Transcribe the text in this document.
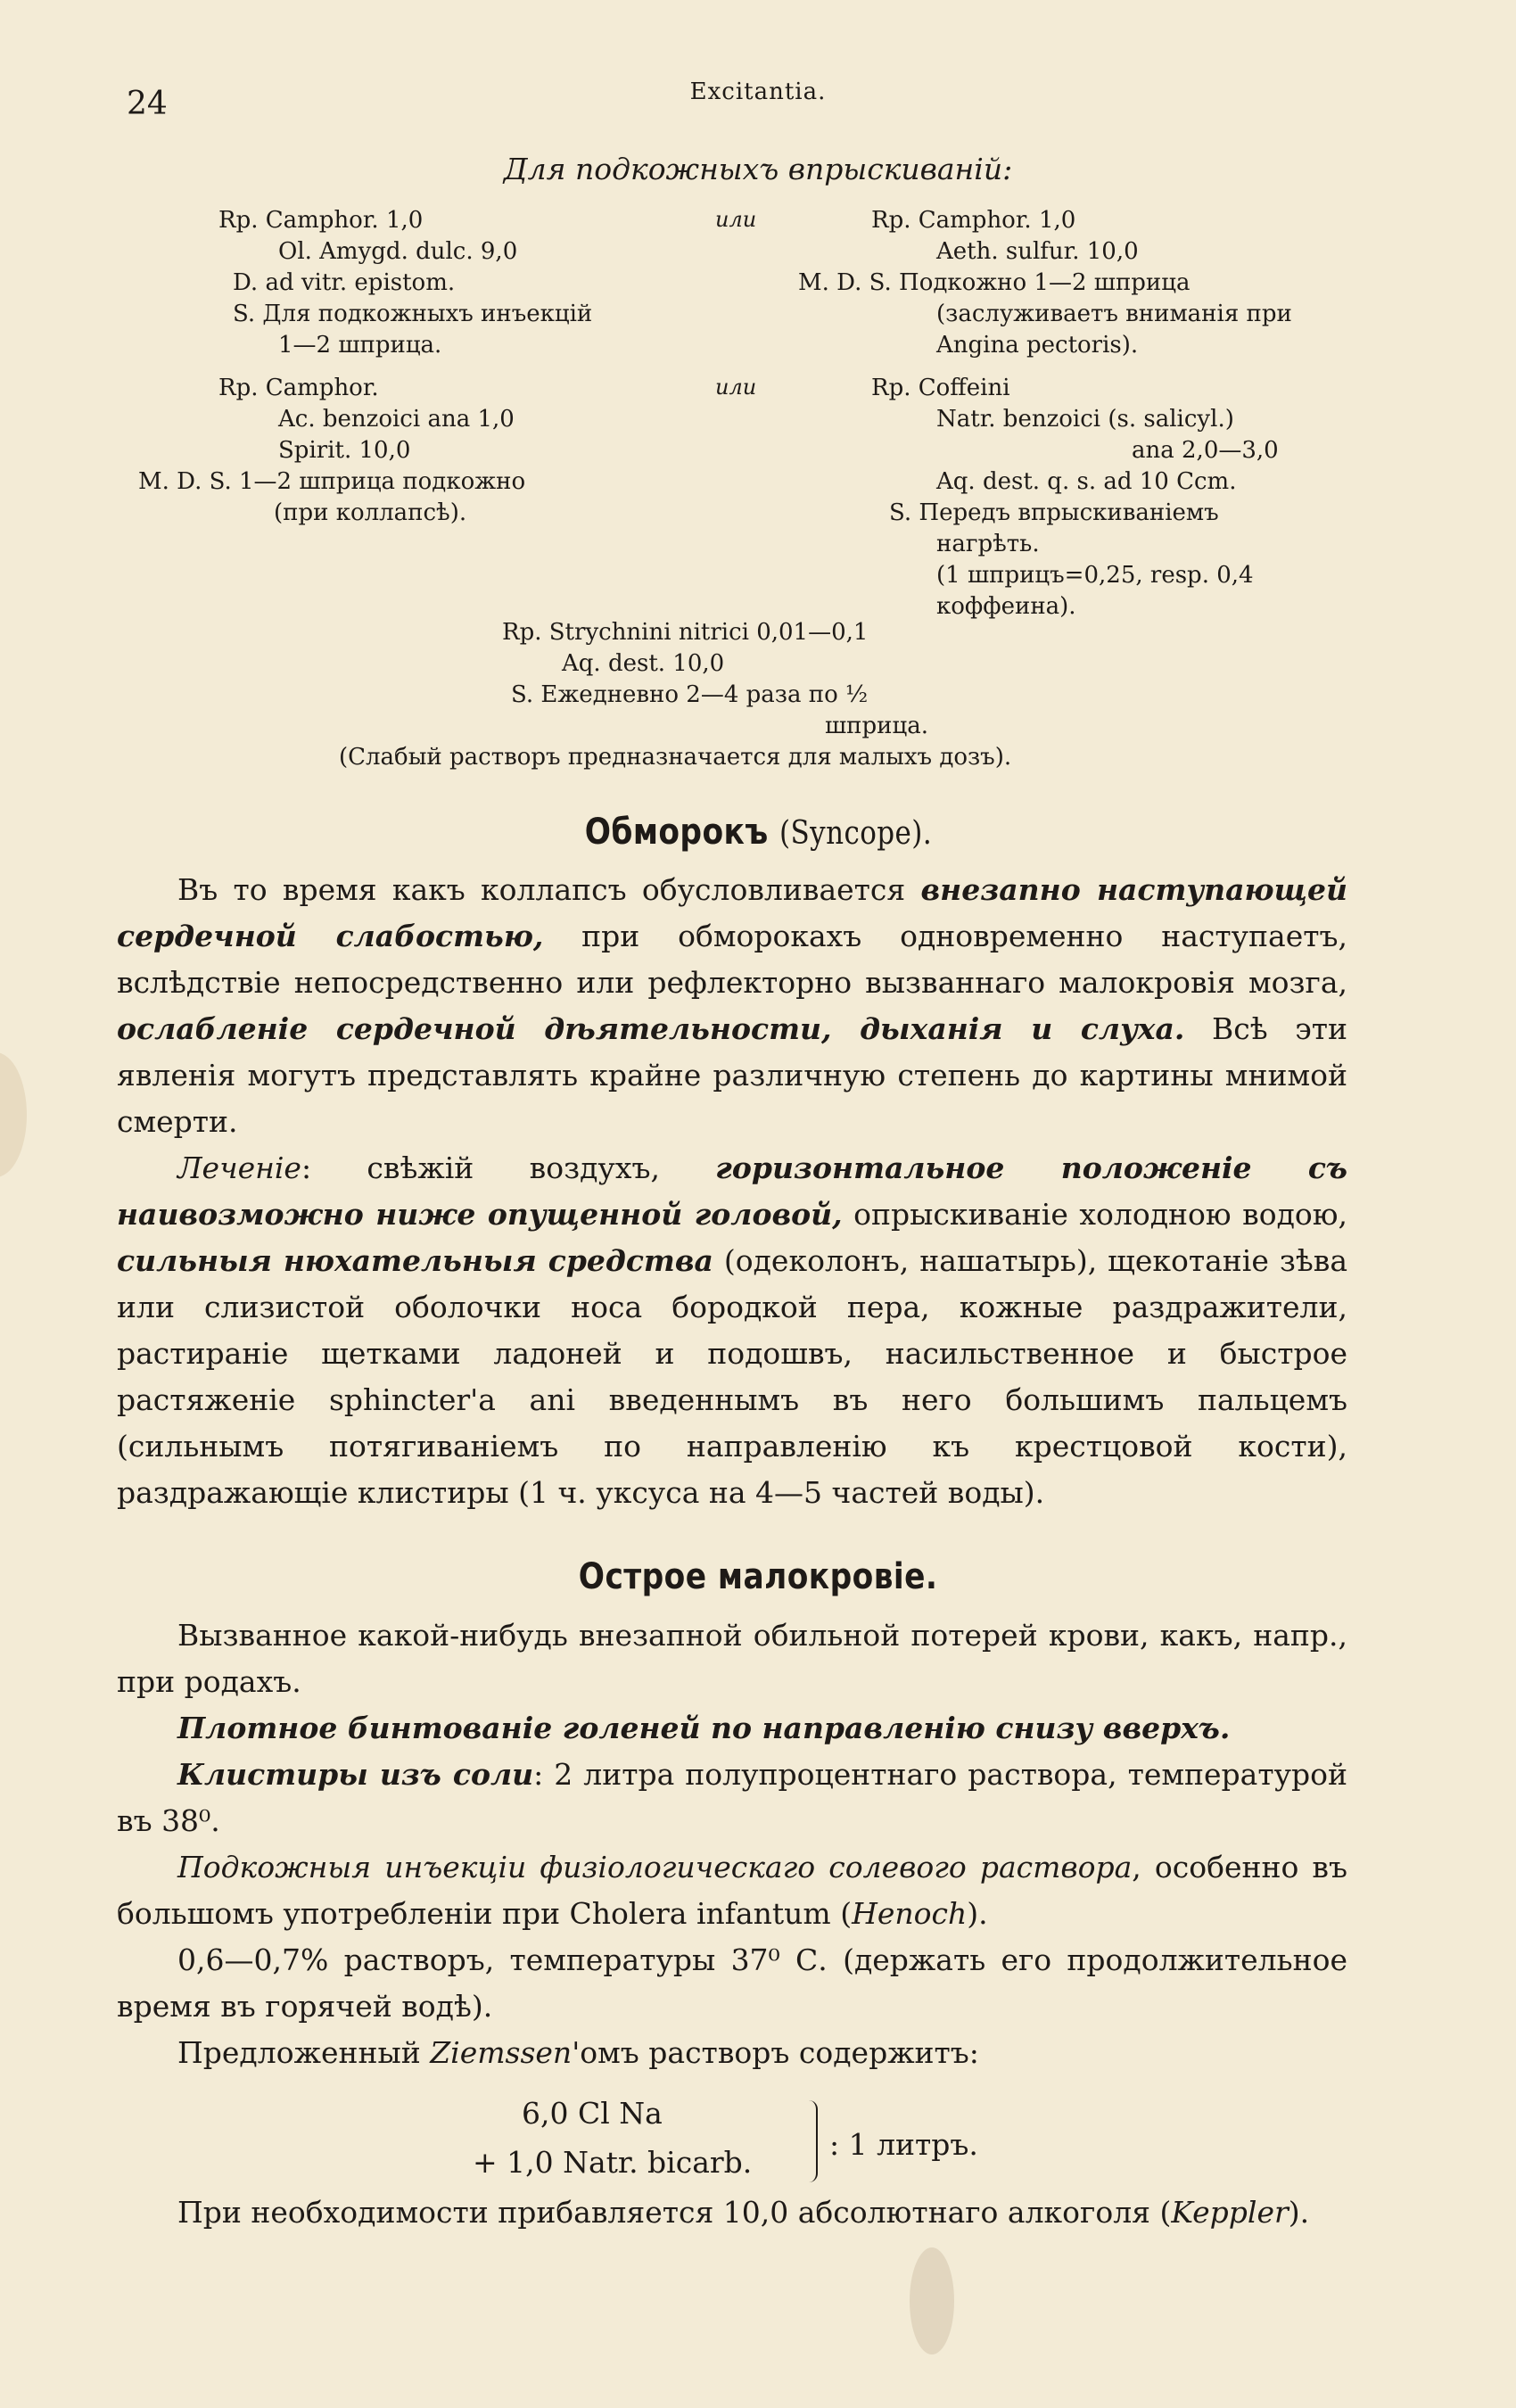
24	Excitantia.
Для подкожныхъ впрыскиваній:
Rp. Camphor. 1,0
Ol. Amygd. dulc. 9,0
D. ad vitr. epistom.
S. Для подкожныхъ инъекцій
1—2 шприца.
или	Rp. Camphor. 1,0
Aeth. sulfur. 10,0
M. D. S. Подкожно 1—2 шприца
(заслуживаетъ вниманія при
Angina pectoris).
Rp. Camphor.
Ac. benzoici ana 1,0
Spirit. 10,0
M. D. S. 1—2 шприца подкожно
(при коллапсѣ).
или	Rp. Coffeini
Natr. benzoici (s. salicyl.)
ana 2,0—3,0
Aq. dest. q. s. ad 10 Ccm.
S. Передъ впрыскиваніемъ
нагрѣть.
(1 шприцъ=0,25, resp. 0,4
коффеина).
Rp. Strychnini nitrici 0,01—0,1
Aq. dest. 10,0
S. Ежедневно 2—4 раза по ½
шприца.
(Слабый растворъ предназначается для малыхъ дозъ).
Обморокъ (Syncope).

Въ то время какъ коллапсъ обусловливается внезапно наступающей сердечной слабостью, при обморокахъ одновременно наступаетъ, вслѣдствіе непосредственно или рефлекторно вызваннаго малокровія мозга, ослабленіе сердечной дѣятельности, дыханія и слуха. Всѣ эти явленія могутъ представлять крайне различную степень до картины мнимой смерти.

Леченіе: свѣжій воздухъ, горизонтальное положеніе съ наивозможно ниже опущенной головой, опрыскиваніе холодною водою, сильныя нюхательныя средства (одеколонъ, нашатырь), щекотаніе зѣва или слизистой оболочки носа бородкой пера, кожные раздражители, растираніе щетками ладоней и подошвъ, насильственное и быстрое растяженіе sphincter'a ani введеннымъ въ него большимъ пальцемъ (сильнымъ потягиваніемъ по направленію къ крестцовой кости), раздражающіе клистиры (1 ч. уксуса на 4—5 частей воды).

Острое малокровіе.

Вызванное какой-нибудь внезапной обильной потерей крови, какъ, напр., при родахъ.

Плотное бинтованіе голеней по направленію снизу вверхъ.

Клистиры изъ соли: 2 литра полупроцентнаго раствора, температурой въ 38⁰.

Подкожныя инъекціи физіологическаго солевого раствора, особенно въ большомъ употребленіи при Cholera infantum (Henoch).

0,6—0,7% растворъ, температуры 37⁰ С. (держать его продолжительное время въ горячей водѣ).

Предложенный Ziemssen'омъ растворъ содержитъ:

6,0 Cl Na
+ 1,0 Natr. bicarb.
: 1 литръ.

При необходимости прибавляется 10,0 абсолютнаго алкоголя (Keppler).
